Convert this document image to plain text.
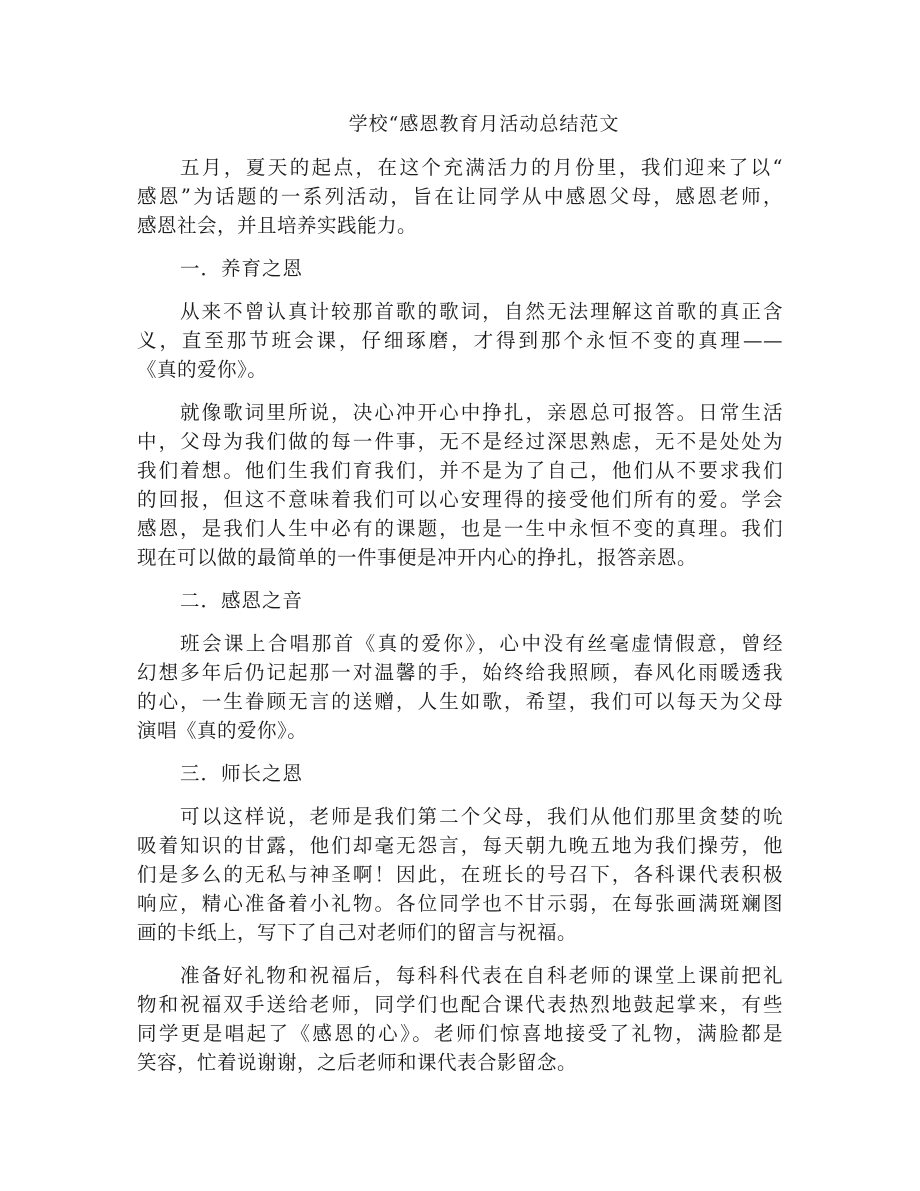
学校“感恩教育月活动总结范文
五月，夏天的起点，在这个充满活力的月份里，我们迎来了以“
感恩”为话题的一系列活动，旨在让同学从中感恩父母，感恩老师，
感恩社会，并且培养实践能力。
一．养育之恩
从来不曾认真计较那首歌的歌词，自然无法理解这首歌的真正含
义，直至那节班会课，仔细琢磨，才得到那个永恒不变的真理——
《真的爱你》。
就像歌词里所说，决心冲开心中挣扎，亲恩总可报答。日常生活
中，父母为我们做的每一件事，无不是经过深思熟虑，无不是处处为
我们着想。他们生我们育我们，并不是为了自己，他们从不要求我们
的回报，但这不意味着我们可以心安理得的接受他们所有的爱。学会
感恩，是我们人生中必有的课题，也是一生中永恒不变的真理。我们
现在可以做的最简单的一件事便是冲开内心的挣扎，报答亲恩。
二．感恩之音
班会课上合唱那首《真的爱你》，心中没有丝毫虚情假意，曾经
幻想多年后仍记起那一对温馨的手，始终给我照顾，春风化雨暖透我
的心，一生眷顾无言的送赠，人生如歌，希望，我们可以每天为父母
演唱《真的爱你》。
三．师长之恩
可以这样说，老师是我们第二个父母，我们从他们那里贪婪的吮
吸着知识的甘露，他们却毫无怨言，每天朝九晚五地为我们操劳，他
们是多么的无私与神圣啊！因此，在班长的号召下，各科课代表积极
响应，精心准备着小礼物。各位同学也不甘示弱，在每张画满斑斓图
画的卡纸上，写下了自己对老师们的留言与祝福。
准备好礼物和祝福后，每科科代表在自科老师的课堂上课前把礼
物和祝福双手送给老师，同学们也配合课代表热烈地鼓起掌来，有些
同学更是唱起了《感恩的心》。老师们惊喜地接受了礼物，满脸都是
笑容，忙着说谢谢，之后老师和课代表合影留念。
